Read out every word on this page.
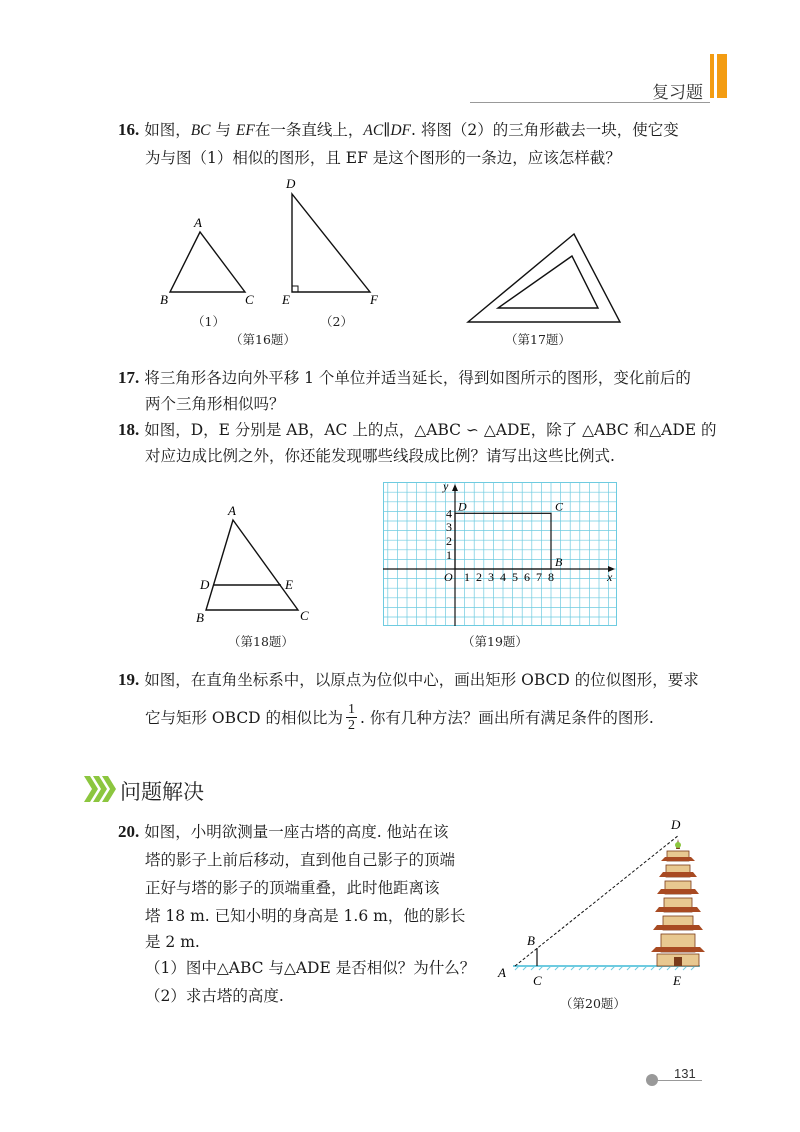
复习题
16. 如图，BC 与 EF在一条直线上，AC∥DF. 将图（2）的三角形截去一块，使它变
为与图（1）相似的图形，且 EF 是这个图形的一条边，应该怎样截？
A
B	C
D
E	F
（1）	（2）
（第16题）	（第17题）
17. 将三角形各边向外平移 1 个单位并适当延长，得到如图所示的图形，变化前后的
两个三角形相似吗？
18. 如图，D，E 分别是 AB，AC 上的点，△ABC ∽ △ADE，除了 △ABC 和△ADE 的
对应边成比例之外，你还能发现哪些线段成比例？请写出这些比例式.
A
D	E
B	C
（第18题）
1 2 3 4 5 6 7 8
1
2
3
4
O	x
y
D	C
B
（第19题）
19. 如图，在直角坐标系中，以原点为位似中心，画出矩形 OBCD 的位似图形，要求
它与矩形 OBCD 的相似比为 1
2 . 你有几种方法？画出所有满足条件的图形.
问题解决
20. 如图，小明欲测量一座古塔的高度. 他站在该
塔的影子上前后移动，直到他自己影子的顶端
正好与塔的影子的顶端重叠，此时他距离该
塔 18 m. 已知小明的身高是 1.6 m，他的影长
是 2 m.
（1）图中△ABC 与△ADE 是否相似？为什么？
（2）求古塔的高度.
D
B
A
C	E
（第20题）
131
